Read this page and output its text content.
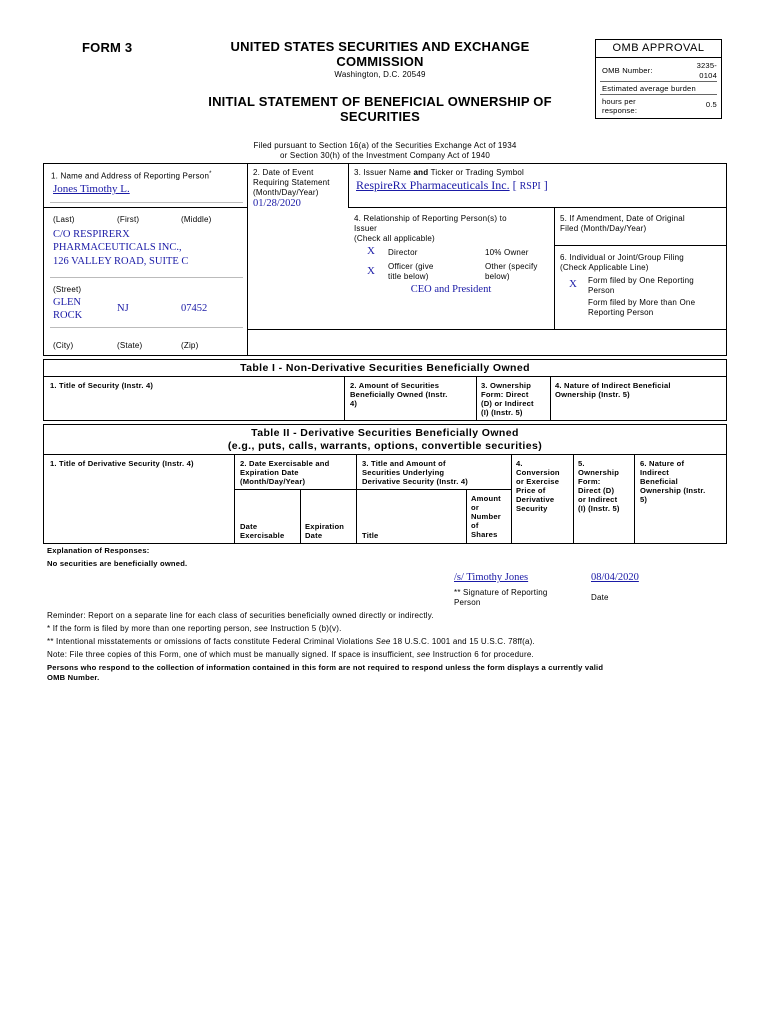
FORM 3	UNITED STATES SECURITIES AND EXCHANGE
COMMISSION
Washington, D.C. 20549
INITIAL STATEMENT OF BENEFICIAL OWNERSHIP OF
SECURITIES
OMB APPROVAL
OMB Number:
3235-
0104
Estimated average burden
hours per
response:
0.5
Filed pursuant to Section 16(a) of the Securities Exchange Act of 1934
or Section 30(h) of the Investment Company Act of 1940
1. Name and Address of Reporting Person*
Jones Timothy L.
(Last)	(First)	(Middle)
C/O RESPIRERX
PHARMACEUTICALS INC.,
126 VALLEY ROAD, SUITE C
(Street)
GLEN
ROCK
NJ	07452
(City)	(State)	(Zip)
2. Date of Event
Requiring Statement
(Month/Day/Year)
01/28/2020
3. Issuer Name and Ticker or Trading Symbol
RespireRx Pharmaceuticals Inc. [ RSPI ]
4. Relationship of Reporting Person(s) to
Issuer
(Check all applicable)
X Director	10% Owner
X Officer (give
title below)
Other (specify
below)
CEO and President
5. If Amendment, Date of Original
Filed (Month/Day/Year)
6. Individual or Joint/Group Filing
(Check Applicable Line)
X Form filed by One Reporting
Person
Form filed by More than One
Reporting Person
Table I - Non-Derivative Securities Beneficially Owned
1. Title of Security (Instr. 4)	2. Amount of Securities
Beneficially Owned (Instr.
4)
3. Ownership
Form: Direct
(D) or Indirect
(I) (Instr. 5)
4. Nature of Indirect Beneficial
Ownership (Instr. 5)
Table II - Derivative Securities Beneficially Owned
(e.g., puts, calls, warrants, options, convertible securities)
1. Title of Derivative Security (Instr. 4)	2. Date Exercisable and
Expiration Date
(Month/Day/Year)
3. Title and Amount of
Securities Underlying
Derivative Security (Instr. 4)
4.
Conversion
or Exercise
Price of
Derivative
Security
5.
Ownership
Form:
Direct (D)
or Indirect
(I) (Instr. 5)
6. Nature of
Indirect
Beneficial
Ownership (Instr.
5)
Date
Exercisable
Expiration
Date	Title
Amount
or
Number
of
Shares
Explanation of Responses:
No securities are beneficially owned.
/s/ Timothy Jones	08/04/2020
** Signature of Reporting
Person
Date
Reminder: Report on a separate line for each class of securities beneficially owned directly or indirectly.
* If the form is filed by more than one reporting person, see Instruction 5 (b)(v).
** Intentional misstatements or omissions of facts constitute Federal Criminal Violations See 18 U.S.C. 1001 and 15 U.S.C. 78ff(a).
Note: File three copies of this Form, one of which must be manually signed. If space is insufficient, see Instruction 6 for procedure.
Persons who respond to the collection of information contained in this form are not required to respond unless the form displays a currently valid
OMB Number.
